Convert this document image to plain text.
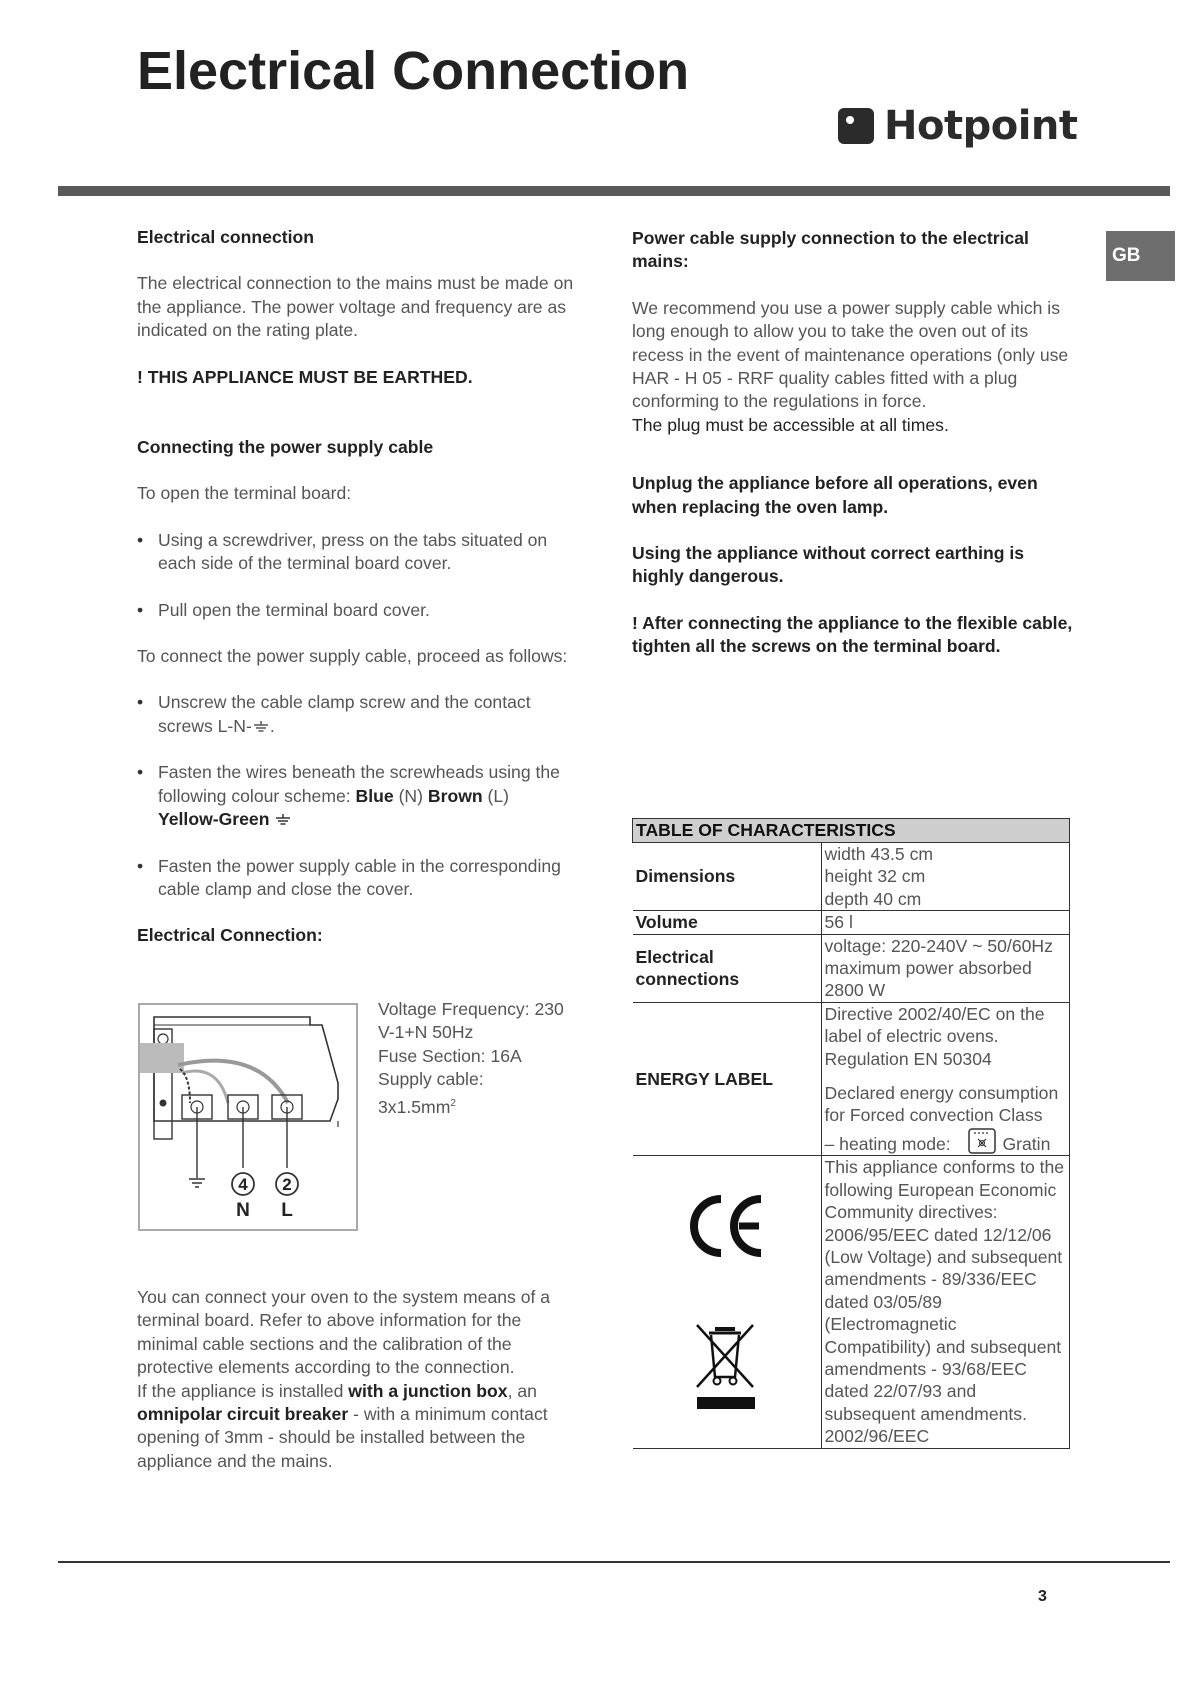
Electrical Connection
Hotpoint
GB

Electrical connection

The electrical connection to the mains must be made on the appliance. The power voltage and frequency are as indicated on the rating plate.

! THIS APPLIANCE MUST BE EARTHED.

Connecting the power supply cable

To open the terminal board:

• Using a screwdriver, press on the tabs situated on each side of the terminal board cover.
• Pull open the terminal board cover.

To connect the power supply cable, proceed as follows:

• Unscrew the cable clamp screw and the contact screws L-N- .
• Fasten the wires beneath the screwheads using the following colour scheme: Blue (N) Brown (L)
Yellow-Green
• Fasten the power supply cable in the corresponding cable clamp and close the cover.

Electrical Connection:

4 2
N L
Voltage Frequency: 230
V-1+N 50Hz
Fuse Section: 16A
Supply cable:
$3x1.5mm^2$

You can connect your oven to the system means of a terminal board. Refer to above information for the minimal cable sections and the calibration of the protective elements according to the connection.

If the appliance is installed with a junction box, an omnipolar circuit breaker - with a minimum contact opening of 3mm - should be installed between the appliance and the mains.

Power cable supply connection to the electrical mains:

We recommend you use a power supply cable which is long enough to allow you to take the oven out of its recess in the event of maintenance operations (only use HAR - H 05 - RRF quality cables fitted with a plug conforming to the regulations in force.

The plug must be accessible at all times.

Unplug the appliance before all operations, even when replacing the oven lamp.

Using the appliance without correct earthing is highly dangerous.

! After connecting the appliance to the flexible cable, tighten all the screws on the terminal board.

TABLE OF CHARACTERISTICS	
Dimensions	width 43.5 cm
height 32 cm
depth 40 cm

Volume	56 l
Electrical connections	voltage: 220-240V ~ 50/60Hz
maximum power absorbed
2800 W

ENERGY LABEL	Directive 2002/40/EC on the label of electric ovens. Regulation EN 50304
Declared energy consumption for Forced convection Class
– heating mode: Gratin

This appliance conforms to the following European Economic Community directives: 2006/95/EEC dated 12/12/06 (Low Voltage) and subsequent amendments - 89/336/EEC dated 03/05/89 (Electromagnetic Compatibility) and subsequent amendments - 93/68/EEC dated 22/07/93 and subsequent amendments.
2002/96/EEC
3
